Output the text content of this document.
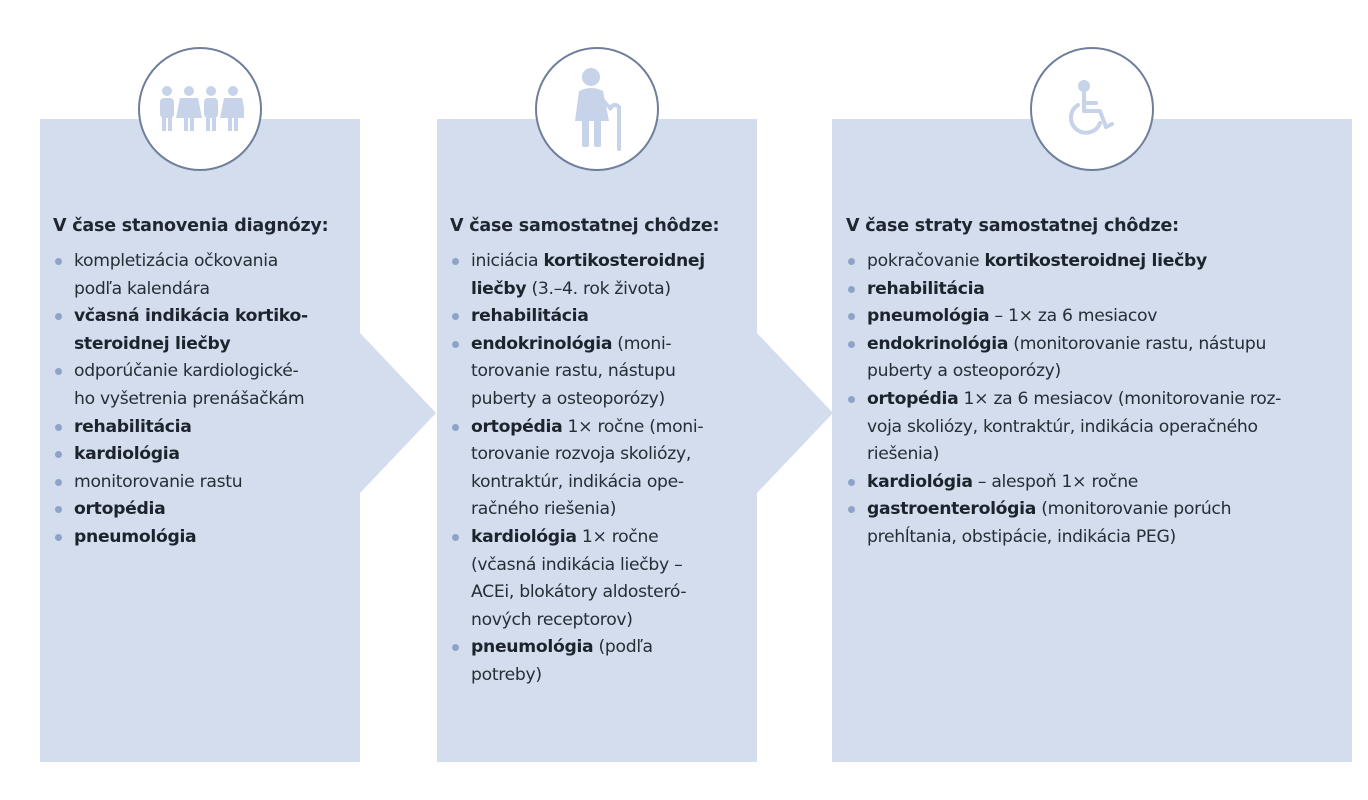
V čase stanovenia diagnózy:
kompletizácia očkovania
podľa kalendára
včasná indikácia kortiko-
steroidnej liečby
odporúčanie kardiologické-
ho vyšetrenia prenášačkám
rehabilitácia
kardiológia
monitorovanie rastu
ortopédia
pneumológia
V čase samostatnej chôdze:
iniciácia kortikosteroidnej
liečby (3.–4. rok života)
rehabilitácia
endokrinológia (moni-
torovanie rastu, nástupu
puberty a osteoporózy)
ortopédia 1× ročne (moni-
torovanie rozvoja skoliózy,
kontraktúr, indikácia ope-
račného riešenia)
kardiológia 1× ročne
(včasná indikácia liečby –
ACEi, blokátory aldosteró-
nových receptorov)
pneumológia (podľa
potreby)
V čase straty samostatnej chôdze:
pokračovanie kortikosteroidnej liečby
rehabilitácia
pneumológia – 1× za 6 mesiacov
endokrinológia (monitorovanie rastu, nástupu
puberty a osteoporózy)
ortopédia 1× za 6 mesiacov (monitorovanie roz-
voja skoliózy, kontraktúr, indikácia operačného
riešenia)
kardiológia – alespoň 1× ročne
gastroenterológia (monitorovanie porúch
prehĺtania, obstipácie, indikácia PEG)
